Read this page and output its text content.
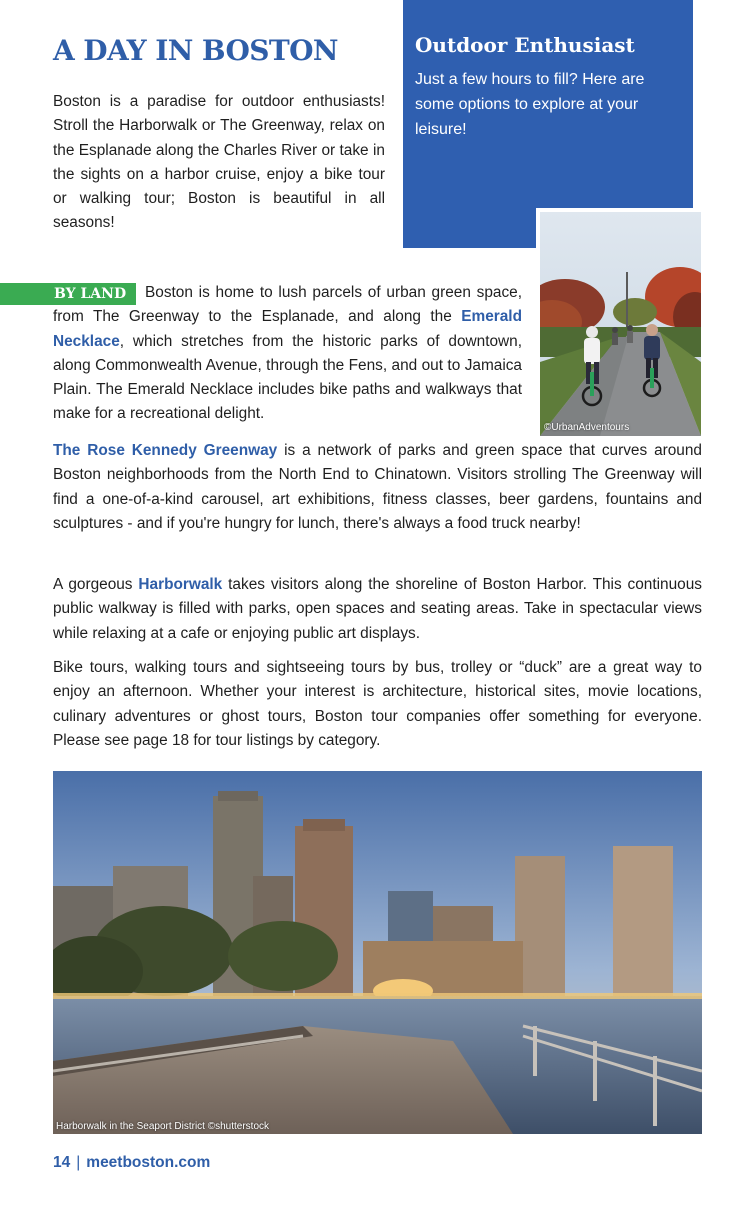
A DAY IN BOSTON

Boston is a paradise for outdoor enthusiasts! Stroll the Harborwalk or The Greenway, relax on the Esplanade along the Charles River or take in the sights on a harbor cruise, enjoy a bike tour or walking tour; Boston is beautiful in all seasons!

Outdoor Enthusiast
Just a few hours to fill? Here are some options to explore at your leisure!
©UrbanAdventours
BY LAND	Boston is home to lush parcels of urban green space, from The Greenway to the Esplanade, and along the Emerald Necklace, which stretches from the historic parks of downtown, along Commonwealth Avenue, through the Fens, and out to Jamaica Plain. The Emerald Necklace includes bike paths and walkways that make for a recreational delight.

The Rose Kennedy Greenway is a network of parks and green space that curves around Boston neighborhoods from the North End to Chinatown. Visitors strolling The Greenway will find a one-of-a-kind carousel, art exhibitions, fitness classes, beer gardens, fountains and sculptures - and if you're hungry for lunch, there's always a food truck nearby!

A gorgeous Harborwalk takes visitors along the shoreline of Boston Harbor. This continuous public walkway is filled with parks, open spaces and seating areas. Take in spectacular views while relaxing at a cafe or enjoying public art displays.

Bike tours, walking tours and sightseeing tours by bus, trolley or “duck” are a great way to enjoy an afternoon. Whether your interest is architecture, historical sites, movie locations, culinary adventures or ghost tours, Boston tour companies offer something for everyone. Please see page 18 for tour listings by category.

Harborwalk in the Seaport District ©shutterstock
14 | meetboston.com
